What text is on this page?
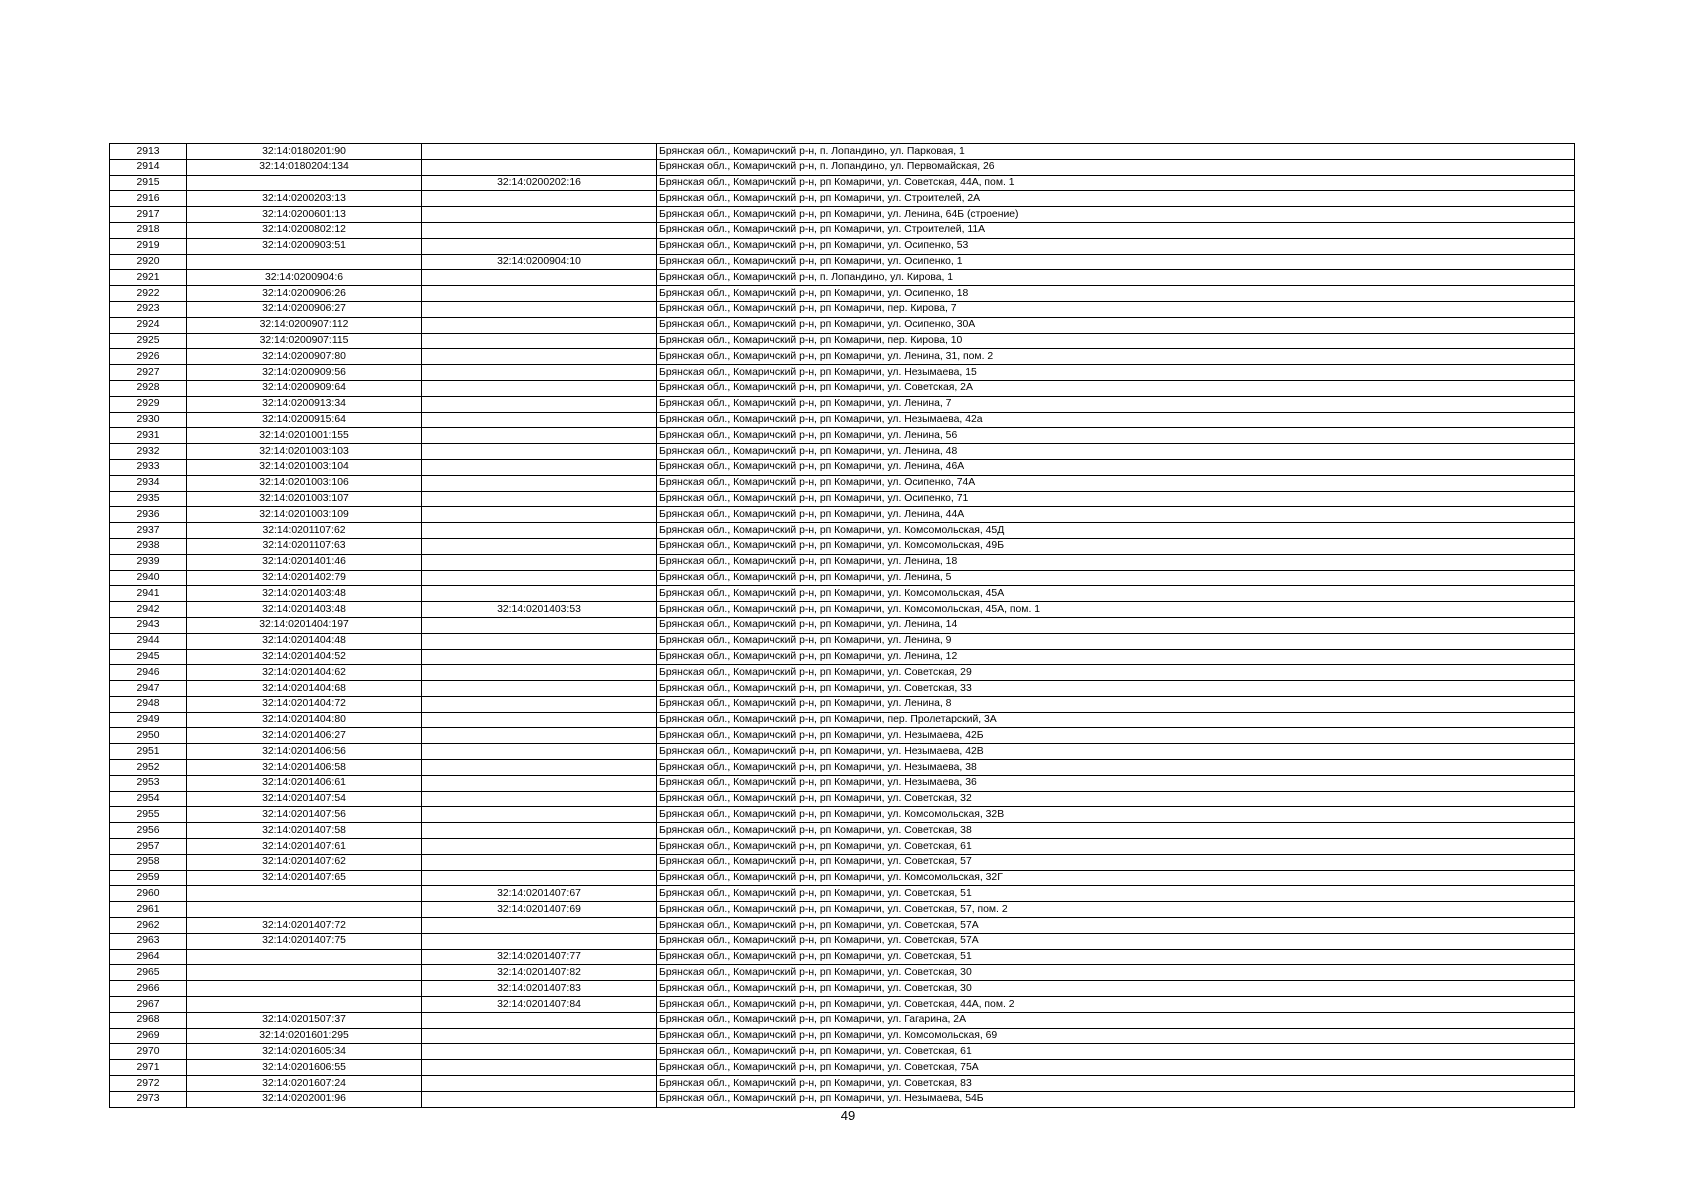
2913	32:14:0180201:90		Брянская обл., Комаричский р-н, п. Лопандино, ул. Парковая, 1
2914	32:14:0180204:134		Брянская обл., Комаричский р-н, п. Лопандино, ул. Первомайская, 26
2915		32:14:0200202:16	Брянская обл., Комаричский р-н, рп Комаричи, ул. Советская, 44А, пом. 1
2916	32:14:0200203:13		Брянская обл., Комаричский р-н, рп Комаричи, ул. Строителей, 2А
2917	32:14:0200601:13		Брянская обл., Комаричский р-н, рп Комаричи, ул. Ленина, 64Б (строение)
2918	32:14:0200802:12		Брянская обл., Комаричский р-н, рп Комаричи, ул. Строителей, 11А
2919	32:14:0200903:51		Брянская обл., Комаричский р-н, рп Комаричи, ул. Осипенко, 53
2920		32:14:0200904:10	Брянская обл., Комаричский р-н, рп Комаричи, ул. Осипенко, 1
2921	32:14:0200904:6		Брянская обл., Комаричский р-н, п. Лопандино, ул. Кирова, 1
2922	32:14:0200906:26		Брянская обл., Комаричский р-н, рп Комаричи, ул. Осипенко, 18
2923	32:14:0200906:27		Брянская обл., Комаричский р-н, рп Комаричи, пер. Кирова, 7
2924	32:14:0200907:112		Брянская обл., Комаричский р-н, рп Комаричи, ул. Осипенко, 30А
2925	32:14:0200907:115		Брянская обл., Комаричский р-н, рп Комаричи, пер. Кирова, 10
2926	32:14:0200907:80		Брянская обл., Комаричский р-н, рп Комаричи, ул. Ленина, 31, пом. 2
2927	32:14:0200909:56		Брянская обл., Комаричский р-н, рп Комаричи, ул. Незымаева, 15
2928	32:14:0200909:64		Брянская обл., Комаричский р-н, рп Комаричи, ул. Советская, 2А
2929	32:14:0200913:34		Брянская обл., Комаричский р-н, рп Комаричи, ул. Ленина, 7
2930	32:14:0200915:64		Брянская обл., Комаричский р-н, рп Комаричи, ул. Незымаева, 42а
2931	32:14:0201001:155		Брянская обл., Комаричский р-н, рп Комаричи, ул. Ленина, 56
2932	32:14:0201003:103		Брянская обл., Комаричский р-н, рп Комаричи, ул. Ленина, 48
2933	32:14:0201003:104		Брянская обл., Комаричский р-н, рп Комаричи, ул. Ленина, 46А
2934	32:14:0201003:106		Брянская обл., Комаричский р-н, рп Комаричи, ул. Осипенко, 74А
2935	32:14:0201003:107		Брянская обл., Комаричский р-н, рп Комаричи, ул. Осипенко, 71
2936	32:14:0201003:109		Брянская обл., Комаричский р-н, рп Комаричи, ул. Ленина, 44А
2937	32:14:0201107:62		Брянская обл., Комаричский р-н, рп Комаричи, ул. Комсомольская, 45Д
2938	32:14:0201107:63		Брянская обл., Комаричский р-н, рп Комаричи, ул. Комсомольская, 49Б
2939	32:14:0201401:46		Брянская обл., Комаричский р-н, рп Комаричи, ул. Ленина, 18
2940	32:14:0201402:79		Брянская обл., Комаричский р-н, рп Комаричи, ул. Ленина, 5
2941	32:14:0201403:48		Брянская обл., Комаричский р-н, рп Комаричи, ул. Комсомольская, 45А
2942	32:14:0201403:48	32:14:0201403:53	Брянская обл., Комаричский р-н, рп Комаричи, ул. Комсомольская, 45А, пом. 1
2943	32:14:0201404:197		Брянская обл., Комаричский р-н, рп Комаричи, ул. Ленина, 14
2944	32:14:0201404:48		Брянская обл., Комаричский р-н, рп Комаричи, ул. Ленина, 9
2945	32:14:0201404:52		Брянская обл., Комаричский р-н, рп Комаричи, ул. Ленина, 12
2946	32:14:0201404:62		Брянская обл., Комаричский р-н, рп Комаричи, ул. Советская, 29
2947	32:14:0201404:68		Брянская обл., Комаричский р-н, рп Комаричи, ул. Советская, 33
2948	32:14:0201404:72		Брянская обл., Комаричский р-н, рп Комаричи, ул. Ленина, 8
2949	32:14:0201404:80		Брянская обл., Комаричский р-н, рп Комаричи, пер. Пролетарский, 3А
2950	32:14:0201406:27		Брянская обл., Комаричский р-н, рп Комаричи, ул. Незымаева, 42Б
2951	32:14:0201406:56		Брянская обл., Комаричский р-н, рп Комаричи, ул. Незымаева, 42В
2952	32:14:0201406:58		Брянская обл., Комаричский р-н, рп Комаричи, ул. Незымаева, 38
2953	32:14:0201406:61		Брянская обл., Комаричский р-н, рп Комаричи, ул. Незымаева, 36
2954	32:14:0201407:54		Брянская обл., Комаричский р-н, рп Комаричи, ул. Советская, 32
2955	32:14:0201407:56		Брянская обл., Комаричский р-н, рп Комаричи, ул. Комсомольская, 32В
2956	32:14:0201407:58		Брянская обл., Комаричский р-н, рп Комаричи, ул. Советская, 38
2957	32:14:0201407:61		Брянская обл., Комаричский р-н, рп Комаричи, ул. Советская, 61
2958	32:14:0201407:62		Брянская обл., Комаричский р-н, рп Комаричи, ул. Советская, 57
2959	32:14:0201407:65		Брянская обл., Комаричский р-н, рп Комаричи, ул. Комсомольская, 32Г
2960		32:14:0201407:67	Брянская обл., Комаричский р-н, рп Комаричи, ул. Советская, 51
2961		32:14:0201407:69	Брянская обл., Комаричский р-н, рп Комаричи, ул. Советская, 57, пом. 2
2962	32:14:0201407:72		Брянская обл., Комаричский р-н, рп Комаричи, ул. Советская, 57А
2963	32:14:0201407:75		Брянская обл., Комаричский р-н, рп Комаричи, ул. Советская, 57А
2964		32:14:0201407:77	Брянская обл., Комаричский р-н, рп Комаричи, ул. Советская, 51
2965		32:14:0201407:82	Брянская обл., Комаричский р-н, рп Комаричи, ул. Советская, 30
2966		32:14:0201407:83	Брянская обл., Комаричский р-н, рп Комаричи, ул. Советская, 30
2967		32:14:0201407:84	Брянская обл., Комаричский р-н, рп Комаричи, ул. Советская, 44А, пом. 2
2968	32:14:0201507:37		Брянская обл., Комаричский р-н, рп Комаричи, ул. Гагарина, 2А
2969	32:14:0201601:295		Брянская обл., Комаричский р-н, рп Комаричи, ул. Комсомольская, 69
2970	32:14:0201605:34		Брянская обл., Комаричский р-н, рп Комаричи, ул. Советская, 61
2971	32:14:0201606:55		Брянская обл., Комаричский р-н, рп Комаричи, ул. Советская, 75А
2972	32:14:0201607:24		Брянская обл., Комаричский р-н, рп Комаричи, ул. Советская, 83
2973	32:14:0202001:96		Брянская обл., Комаричский р-н, рп Комаричи, ул. Незымаева, 54Б
49
